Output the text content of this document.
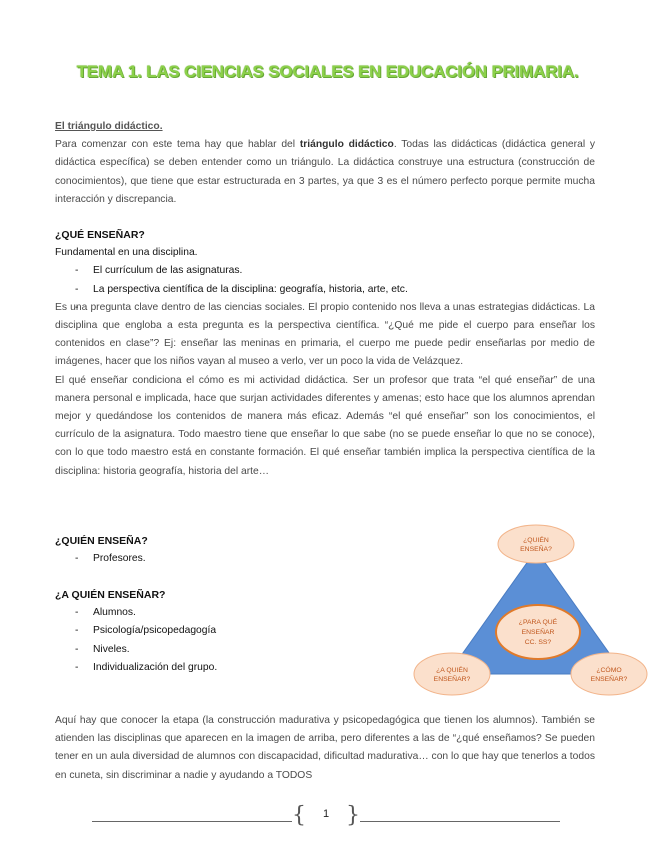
TEMA 1. LAS CIENCIAS SOCIALES EN EDUCACIÓN PRIMARIA.

El triángulo didáctico.

Para comenzar con este tema hay que hablar del triángulo didáctico. Todas las didácticas (didáctica general y didáctica específica) se deben entender como un triángulo. La didáctica construye una estructura (construcción de conocimientos), que tiene que estar estructurada en 3 partes, ya que 3 es el número perfecto porque permite mucha interacción y discrepancia.

¿QUÉ ENSEÑAR?

Fundamental en una disciplina.

- El currículum de las asignaturas.
- La perspectiva científica de la disciplina: geografía, historia, arte, etc.

Es una pregunta clave dentro de las ciencias sociales. El propio contenido nos lleva a unas estrategias didácticas. La disciplina que engloba a esta pregunta es la perspectiva científica. “¿Qué me pide el cuerpo para enseñar los contenidos en clase”? Ej: enseñar las meninas en primaria, el cuerpo me puede pedir enseñarlas por medio de imágenes, hacer que los niños vayan al museo a verlo, ver un poco la vida de Velázquez.

El qué enseñar condiciona el cómo es mi actividad didáctica. Ser un profesor que trata “el qué enseñar” de una manera personal e implicada, hace que surjan actividades diferentes y amenas; esto hace que los alumnos aprendan mejor y quedándose los contenidos de manera más eficaz. Además “el qué enseñar” son los conocimientos, el currículo de la asignatura. Todo maestro tiene que enseñar lo que sabe (no se puede enseñar lo que no se conoce), con lo que todo maestro está en constante formación. El qué enseñar también implica la perspectiva científica de la disciplina: historia geografía, historia del arte…

¿QUIÉN ENSEÑA?

- Profesores.

¿A QUIÉN ENSEÑAR?

- Alumnos.
- Psicología/psicopedagogía
- Niveles.
- Individualización del grupo.
¿QUIÉN
ENSEÑA?
¿PARA QUÉ
ENSEÑAR
CC. SS?
¿A QUIÉN
ENSEÑAR?
¿CÓMO
ENSEÑAR?

Aquí hay que conocer la etapa (la construcción madurativa y psicopedagógica que tienen los alumnos). También se atienden las disciplinas que aparecen en la imagen de arriba, pero diferentes a las de “¿qué enseñamos? Se pueden tener en un aula diversidad de alumnos con discapacidad, dificultad madurativa… con lo que hay que tenerlos a todos en cuneta, sin discriminar a nadie y ayudando a TODOS

{	1 }
